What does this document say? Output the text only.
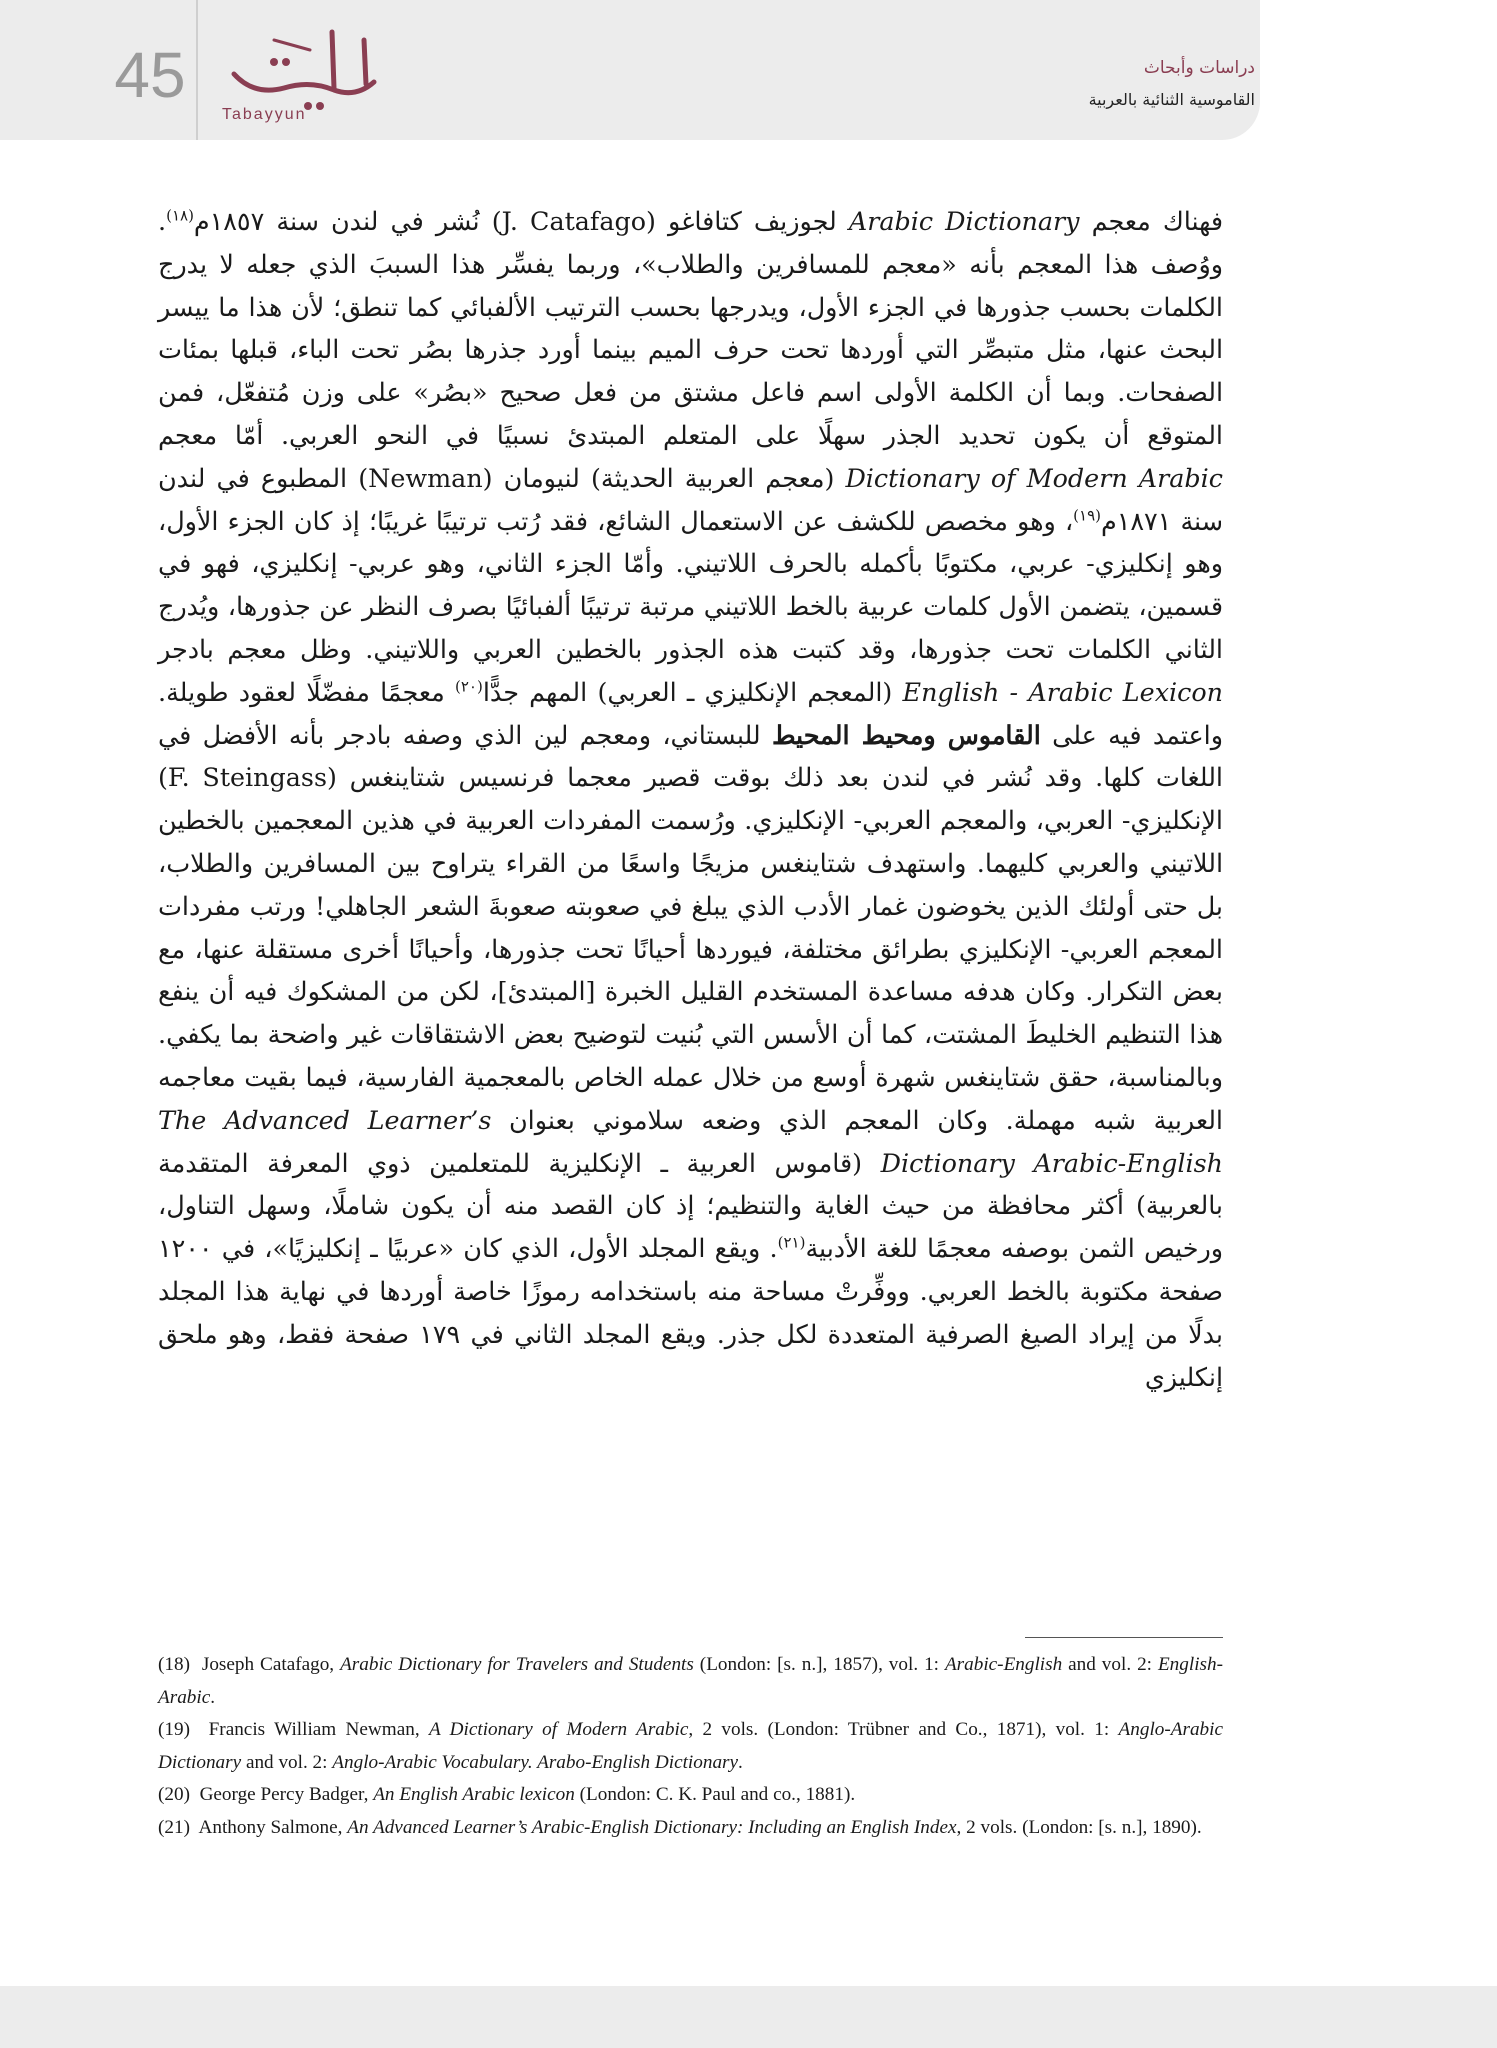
45
Tabayyun
دراسات وأبحاث
القاموسية الثنائية بالعربية

فهناك معجم Arabic Dictionary لجوزيف كتافاغو (J. Catafago) نُشر في لندن سنة ١٨٥٧م$^{(١٨)}$. ووُصف هذا المعجم بأنه «معجم للمسافرين والطلاب»، وربما يفسِّر هذا السببَ الذي جعله لا يدرج الكلمات بحسب جذورها في الجزء الأول، ويدرجها بحسب الترتيب الألفبائي كما تنطق؛ لأن هذا ما ييسر البحث عنها، مثل متبصِّر التي أوردها تحت حرف الميم بينما أورد جذرها بصُر تحت الباء، قبلها بمئات الصفحات. وبما أن الكلمة الأولى اسم فاعل مشتق من فعل صحيح «بصُر» على وزن مُتفعّل، فمن المتوقع أن يكون تحديد الجذر سهلًا على المتعلم المبتدئ نسبيًا في النحو العربي. أمّا معجم Dictionary of Modern Arabic (معجم العربية الحديثة) لنيومان (Newman) المطبوع في لندن سنة ١٨٧١م$^{(١٩)}$، وهو مخصص للكشف عن الاستعمال الشائع، فقد رُتب ترتيبًا غريبًا؛ إذ كان الجزء الأول، وهو إنكليزي- عربي، مكتوبًا بأكمله بالحرف اللاتيني. وأمّا الجزء الثاني، وهو عربي- إنكليزي، فهو في قسمين، يتضمن الأول كلمات عربية بالخط اللاتيني مرتبة ترتيبًا ألفبائيًا بصرف النظر عن جذورها، ويُدرج الثاني الكلمات تحت جذورها، وقد كتبت هذه الجذور بالخطين العربي واللاتيني. وظل معجم بادجر English - Arabic Lexicon (المعجم الإنكليزي ـ العربي) المهم جدًّا$^{(٢٠)}$ معجمًا مفضّلًا لعقود طويلة. واعتمد فيه على القاموس ومحيط المحيط للبستاني، ومعجم لين الذي وصفه بادجر بأنه الأفضل في اللغات كلها. وقد نُشر في لندن بعد ذلك بوقت قصير معجما فرنسيس شتاينغس (F. Steingass) الإنكليزي- العربي، والمعجم العربي- الإنكليزي. ورُسمت المفردات العربية في هذين المعجمين بالخطين اللاتيني والعربي كليهما. واستهدف شتاينغس مزيجًا واسعًا من القراء يتراوح بين المسافرين والطلاب، بل حتى أولئك الذين يخوضون غمار الأدب الذي يبلغ في صعوبته صعوبةَ الشعر الجاهلي! ورتب مفردات المعجم العربي- الإنكليزي بطرائق مختلفة، فيوردها أحيانًا تحت جذورها، وأحيانًا أخرى مستقلة عنها، مع بعض التكرار. وكان هدفه مساعدة المستخدم القليل الخبرة [المبتدئ]، لكن من المشكوك فيه أن ينفع هذا التنظيم الخليطَ المشتت، كما أن الأسس التي بُنيت لتوضيح بعض الاشتقاقات غير واضحة بما يكفي. وبالمناسبة، حقق شتاينغس شهرة أوسع من خلال عمله الخاص بالمعجمية الفارسية، فيما بقيت معاجمه العربية شبه مهملة. وكان المعجم الذي وضعه سلاموني بعنوان The Advanced Learner’s Dictionary Arabic-English (قاموس العربية ـ الإنكليزية للمتعلمين ذوي المعرفة المتقدمة بالعربية) أكثر محافظة من حيث الغاية والتنظيم؛ إذ كان القصد منه أن يكون شاملًا، وسهل التناول، ورخيص الثمن بوصفه معجمًا للغة الأدبية$^{(٢١)}$. ويقع المجلد الأول، الذي كان «عربيًا ـ إنكليزيًا»، في ١٢٠٠ صفحة مكتوبة بالخط العربي. ووفِّرتْ مساحة منه باستخدامه رموزًا خاصة أوردها في نهاية هذا المجلد بدلًا من إيراد الصيغ الصرفية المتعددة لكل جذر. ويقع المجلد الثاني في ١٧٩ صفحة فقط، وهو ملحق إنكليزي

(18) Joseph Catafago, Arabic Dictionary for Travelers and Students (London: [s. n.], 1857), vol. 1: Arabic-English and vol. 2: English-Arabic.

(19) Francis William Newman, A Dictionary of Modern Arabic, 2 vols. (London: Trübner and Co., 1871), vol. 1: Anglo-Arabic Dictionary and vol. 2: Anglo-Arabic Vocabulary. Arabo-English Dictionary.

(20) George Percy Badger, An English Arabic lexicon (London: C. K. Paul and co., 1881).

(21) Anthony Salmone, An Advanced Learner’s Arabic-English Dictionary: Including an English Index, 2 vols. (London: [s. n.], 1890).
